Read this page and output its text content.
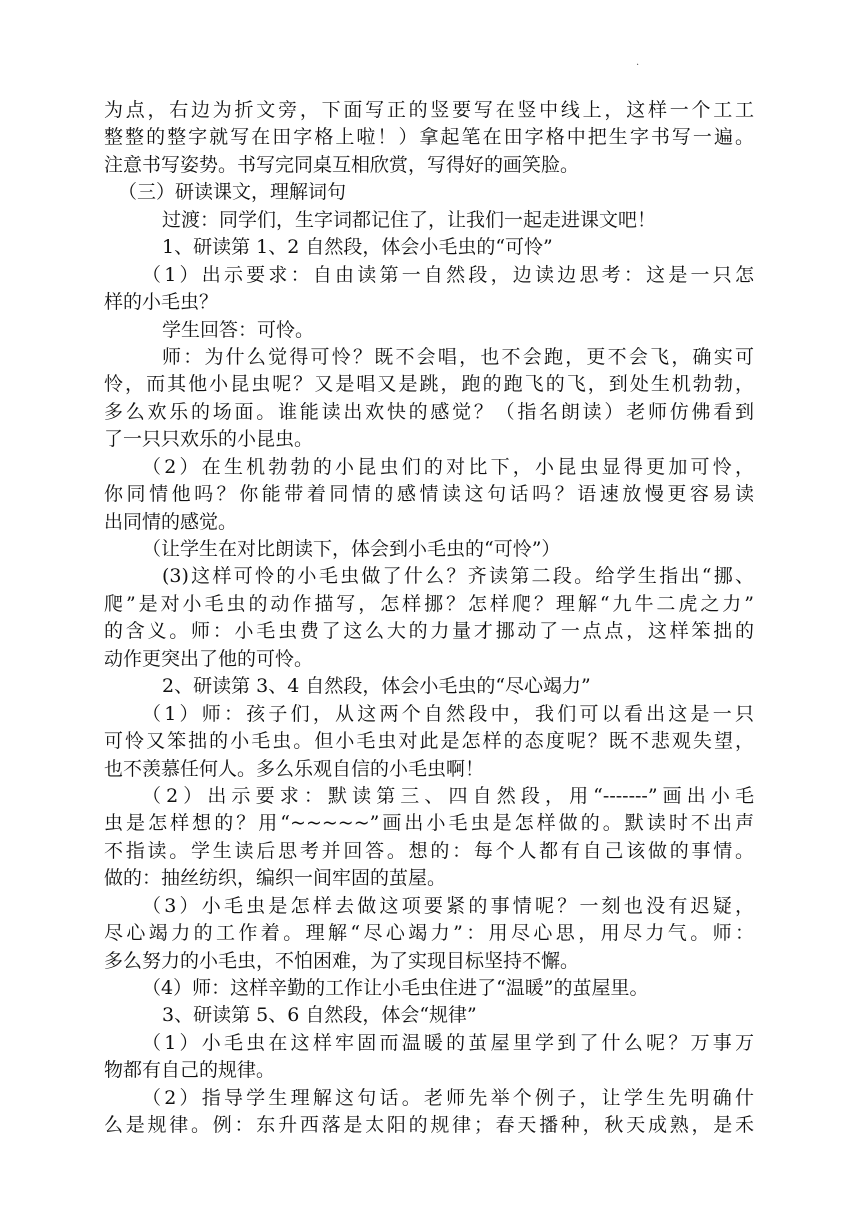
.
为点，右边为折文旁，下面写正的竖要写在竖中线上，这样一个工工
整整的整字就写在田字格上啦！）拿起笔在田字格中把生字书写一遍。
注意书写姿势。书写完同桌互相欣赏，写得好的画笑脸。
（三）研读课文，理解词句
过渡：同学们，生字词都记住了，让我们一起走进课文吧！
1、研读第 1、2 自然段，体会小毛虫的“可怜”
（1）出示要求：自由读第一自然段，边读边思考：这是一只怎
样的小毛虫？
学生回答：可怜。
师：为什么觉得可怜？既不会唱，也不会跑，更不会飞，确实可
怜，而其他小昆虫呢？又是唱又是跳，跑的跑飞的飞，到处生机勃勃，
多么欢乐的场面。谁能读出欢快的感觉？（指名朗读）老师仿佛看到
了一只只欢乐的小昆虫。
（2）在生机勃勃的小昆虫们的对比下，小昆虫显得更加可怜，
你同情他吗？你能带着同情的感情读这句话吗？语速放慢更容易读
出同情的感觉。
（让学生在对比朗读下，体会到小毛虫的“可怜”）
(3)这样可怜的小毛虫做了什么？齐读第二段。给学生指出“挪、
爬”是对小毛虫的动作描写，怎样挪？怎样爬？理解“九牛二虎之力”
的含义。师：小毛虫费了这么大的力量才挪动了一点点，这样笨拙的
动作更突出了他的可怜。
2、研读第 3、4 自然段，体会小毛虫的“尽心竭力”
（1）师：孩子们，从这两个自然段中，我们可以看出这是一只
可怜又笨拙的小毛虫。但小毛虫对此是怎样的态度呢？既不悲观失望，
也不羡慕任何人。多么乐观自信的小毛虫啊！
（2）出示要求：默读第三、四自然段，用“-------”画出小毛
虫是怎样想的？用“~~~~~”画出小毛虫是怎样做的。默读时不出声
不指读。学生读后思考并回答。想的：每个人都有自己该做的事情。
做的：抽丝纺织，编织一间牢固的茧屋。
（3）小毛虫是怎样去做这项要紧的事情呢？一刻也没有迟疑，
尽心竭力的工作着。理解“尽心竭力”：用尽心思，用尽力气。师：
多么努力的小毛虫，不怕困难，为了实现目标坚持不懈。
（4）师：这样辛勤的工作让小毛虫住进了“温暖”的茧屋里。
3、研读第 5、6 自然段，体会“规律”
（1）小毛虫在这样牢固而温暖的茧屋里学到了什么呢？万事万
物都有自己的规律。
（2）指导学生理解这句话。老师先举个例子，让学生先明确什
么是规律。例：东升西落是太阳的规律；春天播种，秋天成熟，是禾
